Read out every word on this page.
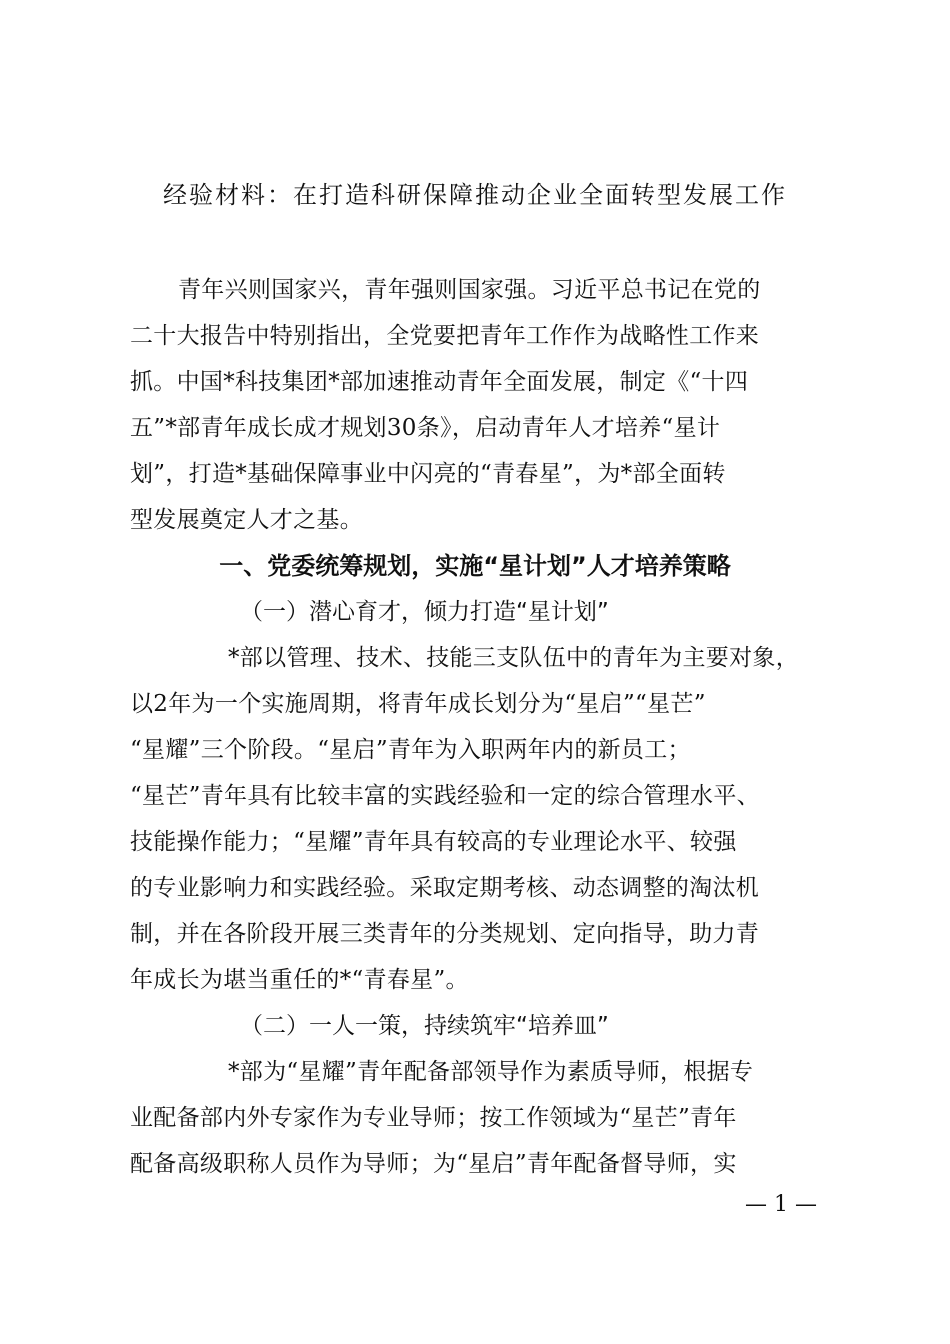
经验材料：在打造科研保障推动企业全面转型发展工作
青年兴则国家兴，青年强则国家强。习近平总书记在党的
二十大报告中特别指出，全党要把青年工作作为战略性工作来
抓。中国*科技集团*部加速推动青年全面发展，制定《“十四
五”*部青年成长成才规划30条》，启动青年人才培养“星计
划”，打造*基础保障事业中闪亮的“青春星”，为*部全面转
型发展奠定人才之基。
一、党委统筹规划，实施“星计划”人才培养策略
（一）潜心育才，倾力打造“星计划”
*部以管理、技术、技能三支队伍中的青年为主要对象，
以2年为一个实施周期，将青年成长划分为“星启”“星芒”
“星耀”三个阶段。“星启”青年为入职两年内的新员工；
“星芒”青年具有比较丰富的实践经验和一定的综合管理水平、
技能操作能力；“星耀”青年具有较高的专业理论水平、较强
的专业影响力和实践经验。采取定期考核、动态调整的淘汰机
制，并在各阶段开展三类青年的分类规划、定向指导，助力青
年成长为堪当重任的*“青春星”。
（二）一人一策，持续筑牢“培养皿”
*部为“星耀”青年配备部领导作为素质导师，根据专
业配备部内外专家作为专业导师；按工作领域为“星芒”青年
配备高级职称人员作为导师；为“星启”青年配备督导师，实
— 1 —
